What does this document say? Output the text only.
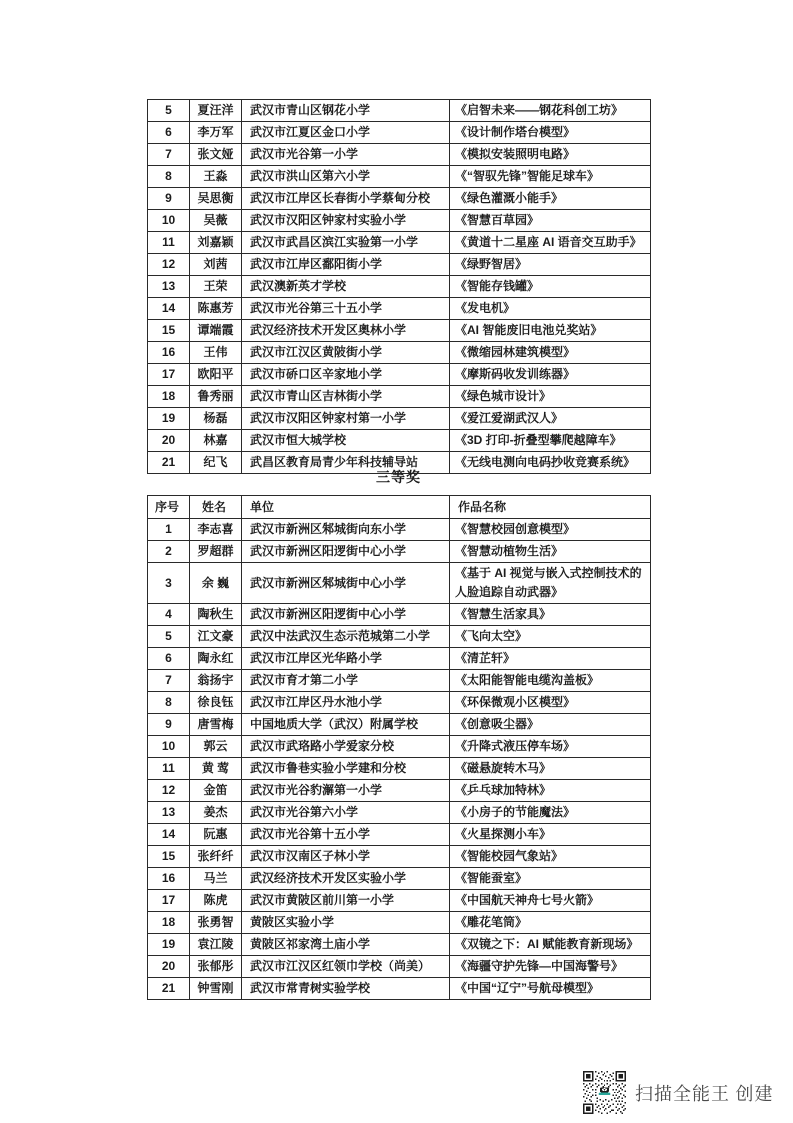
5	夏汪洋	武汉市青山区钢花小学	《启智未来——钢花科创工坊》
6	李万军	武汉市江夏区金口小学	《设计制作塔台模型》
7	张文娅	武汉市光谷第一小学	《模拟安装照明电路》
8	王淼	武汉市洪山区第六小学	《“智驭先锋”智能足球车》
9	吴思衡	武汉市江岸区长春街小学蔡甸分校	《绿色灌溉小能手》
10	吴薇	武汉市汉阳区钟家村实验小学	《智慧百草园》
11	刘嘉颖	武汉市武昌区滨江实验第一小学	《黄道十二星座 AI 语音交互助手》
12	刘茜	武汉市江岸区鄱阳街小学	《绿野智居》
13	王荣	武汉澳新英才学校	《智能存钱罐》
14	陈惠芳	武汉市光谷第三十五小学	《发电机》
15	谭端霞	武汉经济技术开发区奥林小学	《AI 智能废旧电池兑奖站》
16	王伟	武汉市江汉区黄陂街小学	《微缩园林建筑模型》
17	欧阳平	武汉市硚口区辛家地小学	《摩斯码收发训练器》
18	鲁秀丽	武汉市青山区吉林街小学	《绿色城市设计》
19	杨磊	武汉市汉阳区钟家村第一小学	《爱江爱湖武汉人》
20	林嘉	武汉市恒大城学校	《3D 打印-折叠型攀爬越障车》
21	纪飞	武昌区教育局青少年科技辅导站	《无线电测向电码抄收竞赛系统》
三等奖
序号	姓名	单位	作品名称
1	李志喜	武汉市新洲区邾城街向东小学	《智慧校园创意模型》
2	罗超群	武汉市新洲区阳逻街中心小学	《智慧动植物生活》
3	余 巍	武汉市新洲区邾城街中心小学	《基于 AI 视觉与嵌入式控制技术的人脸追踪自动武器》
4	陶秋生	武汉市新洲区阳逻街中心小学	《智慧生活家具》
5	江文豪	武汉中法武汉生态示范城第二小学	《飞向太空》
6	陶永红	武汉市江岸区光华路小学	《清芷轩》
7	翁扬宇	武汉市育才第二小学	《太阳能智能电缆沟盖板》
8	徐良钰	武汉市江岸区丹水池小学	《环保微观小区模型》
9	唐雪梅	中国地质大学（武汉）附属学校	《创意吸尘器》
10	郭云	武汉市武珞路小学爱家分校	《升降式液压停车场》
11	黄 莺	武汉市鲁巷实验小学建和分校	《磁悬旋转木马》
12	金笛	武汉市光谷豹澥第一小学	《乒乓球加特林》
13	姜杰	武汉市光谷第六小学	《小房子的节能魔法》
14	阮惠	武汉市光谷第十五小学	《火星探测小车》
15	张纤纤	武汉市汉南区子林小学	《智能校园气象站》
16	马兰	武汉经济技术开发区实验小学	《智能蚕室》
17	陈虎	武汉市黄陂区前川第一小学	《中国航天神舟七号火箭》
18	张勇智	黄陂区实验小学	《雕花笔筒》
19	袁江陵	黄陂区祁家湾土庙小学	《双镜之下：AI 赋能教育新现场》
20	张郁彤	武汉市江汉区红领巾学校（尚美）	《海疆守护先锋—中国海警号》
21	钟雪刚	武汉市常青树实验学校	《中国“辽宁”号航母模型》
扫描全能王 创建
